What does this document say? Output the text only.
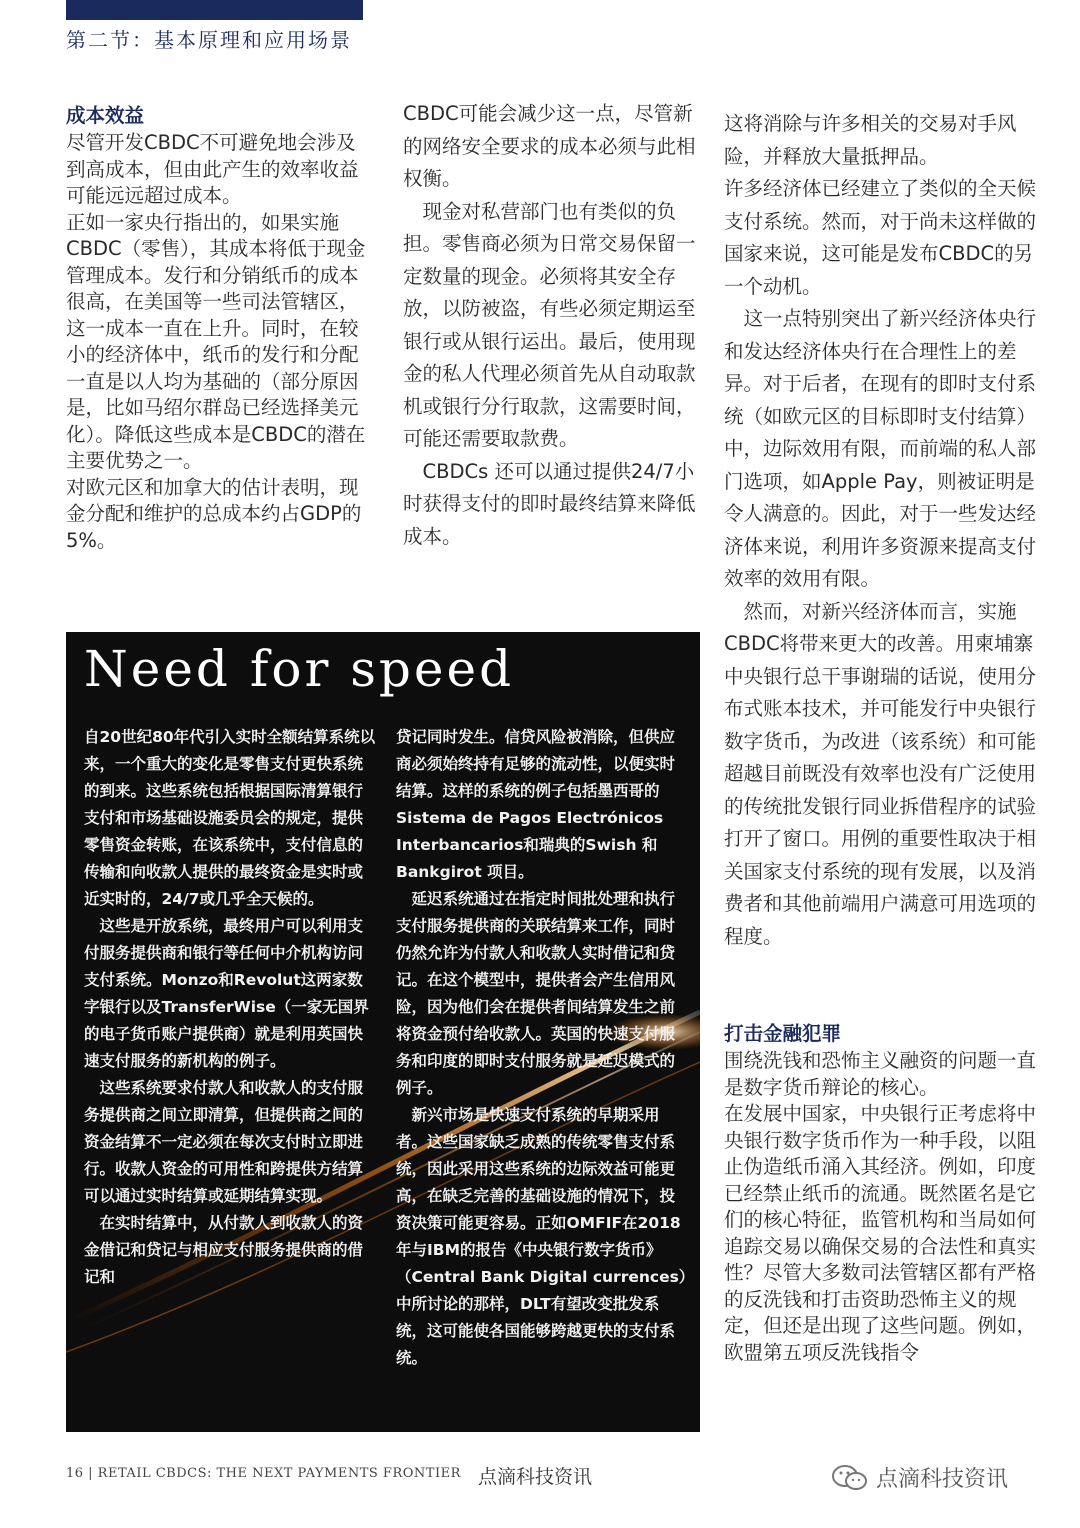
第二节：基本原理和应用场景
成本效益

尽管开发CBDC不可避免地会涉及到高成本，但由此产生的效率收益可能远远超过成本。

正如一家央行指出的，如果实施CBDC（零售），其成本将低于现金管理成本。发行和分销纸币的成本很高，在美国等一些司法管辖区，这一成本一直在上升。同时，在较小的经济体中，纸币的发行和分配一直是以人均为基础的（部分原因是，比如马绍尔群岛已经选择美元化）。降低这些成本是CBDC的潜在主要优势之一。

对欧元区和加拿大的估计表明，现金分配和维护的总成本约占GDP的5%。

CBDC可能会减少这一点，尽管新的网络安全要求的成本必须与此相权衡。

现金对私营部门也有类似的负担。零售商必须为日常交易保留一定数量的现金。必须将其安全存放，以防被盗，有些必须定期运至银行或从银行运出。最后，使用现金的私人代理必须首先从自动取款机或银行分行取款，这需要时间，可能还需要取款费。

CBDCs 还可以通过提供24/7小时获得支付的即时最终结算来降低成本。

这将消除与许多相关的交易对手风险，并释放大量抵押品。

许多经济体已经建立了类似的全天候支付系统。然而，对于尚未这样做的国家来说，这可能是发布CBDC的另一个动机。

这一点特别突出了新兴经济体央行和发达经济体央行在合理性上的差异。对于后者，在现有的即时支付系统（如欧元区的目标即时支付结算）中，边际效用有限，而前端的私人部门选项，如Apple Pay，则被证明是令人满意的。因此，对于一些发达经济体来说，利用许多资源来提高支付效率的效用有限。

然而，对新兴经济体而言，实施CBDC将带来更大的改善。用柬埔寨中央银行总干事谢瑞的话说，使用分布式账本技术，并可能发行中央银行数字货币，为改进（该系统）和可能超越目前既没有效率也没有广泛使用的传统批发银行同业拆借程序的试验打开了窗口。用例的重要性取决于相关国家支付系统的现有发展，以及消费者和其他前端用户满意可用选项的程度。

打击金融犯罪

围绕洗钱和恐怖主义融资的问题一直是数字货币辩论的核心。

在发展中国家，中央银行正考虑将中央银行数字货币作为一种手段，以阻止伪造纸币涌入其经济。例如，印度已经禁止纸币的流通。既然匿名是它们的核心特征，监管机构和当局如何追踪交易以确保交易的合法性和真实性？尽管大多数司法管辖区都有严格的反洗钱和打击资助恐怖主义的规定，但还是出现了这些问题。例如，欧盟第五项反洗钱指令

Need for speed

自20世纪80年代引入实时全额结算系统以来，一个重大的变化是零售支付更快系统的到来。这些系统包括根据国际清算银行支付和市场基础设施委员会的规定，提供零售资金转账，在该系统中，支付信息的传输和向收款人提供的最终资金是实时或近实时的，24/7或几乎全天候的。

这些是开放系统，最终用户可以利用支付服务提供商和银行等任何中介机构访问支付系统。Monzo和Revolut这两家数字银行以及TransferWise（一家无国界的电子货币账户提供商）就是利用英国快速支付服务的新机构的例子。

这些系统要求付款人和收款人的支付服务提供商之间立即清算，但提供商之间的资金结算不一定必须在每次支付时立即进行。收款人资金的可用性和跨提供方结算可以通过实时结算或延期结算实现。

在实时结算中，从付款人到收款人的资金借记和贷记与相应支付服务提供商的借记和

贷记同时发生。信贷风险被消除，但供应商必须始终持有足够的流动性，以便实时结算。这样的系统的例子包括墨西哥的Sistema de Pagos Electrónicos Interbancarios和瑞典的Swish 和 Bankgirot 项目。

延迟系统通过在指定时间批处理和执行支付服务提供商的关联结算来工作，同时仍然允许为付款人和收款人实时借记和贷记。在这个模型中，提供者会产生信用风险，因为他们会在提供者间结算发生之前将资金预付给收款人。英国的快速支付服务和印度的即时支付服务就是延迟模式的例子。

新兴市场是快速支付系统的早期采用者。这些国家缺乏成熟的传统零售支付系统，因此采用这些系统的边际效益可能更高，在缺乏完善的基础设施的情况下，投资决策可能更容易。正如OMFIF在2018年与IBM的报告《中央银行数字货币》（Central Bank Digital currences）中所讨论的那样，DLT有望改变批发系统，这可能使各国能够跨越更快的支付系统。

16 | RETAIL CBDCS: THE NEXT PAYMENTS FRONTIER 点滴科技资讯	点滴科技资讯
